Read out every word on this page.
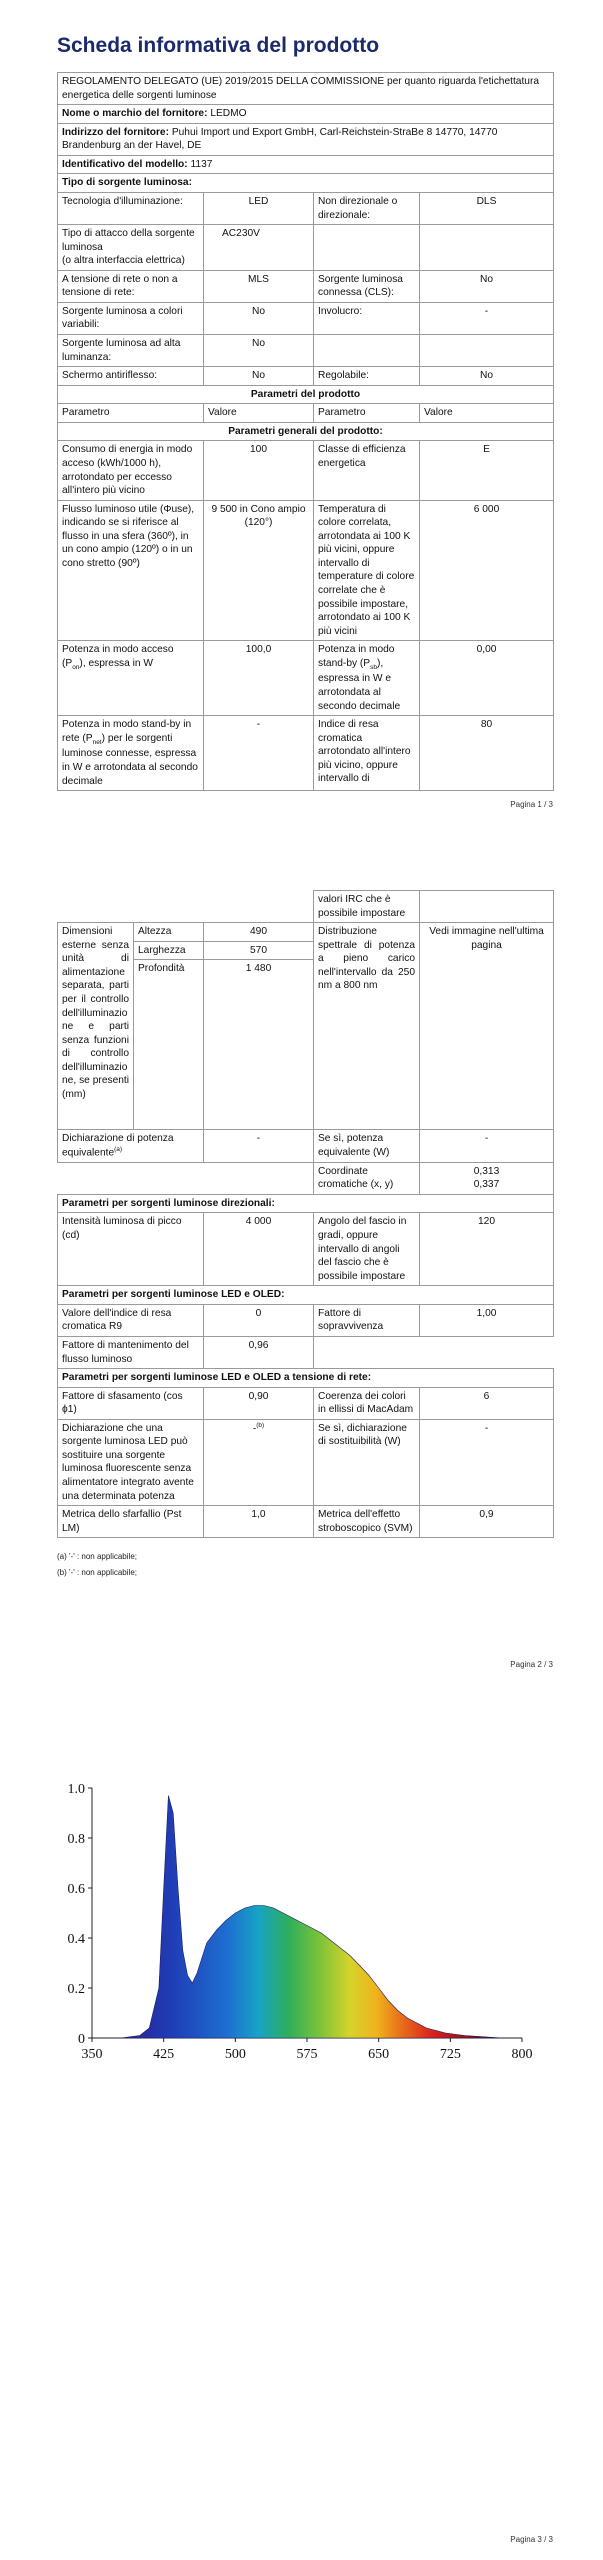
Scheda informativa del prodotto
REGOLAMENTO DELEGATO (UE) 2019/2015 DELLA COMMISSIONE per quanto riguarda l'etichettatura energetica delle sorgenti luminose			
Nome o marchio del fornitore: LEDMO			
Indirizzo del fornitore: Puhui Import und Export GmbH, Carl-Reichstein-StraBe 8 14770, 14770 Brandenburg an der Havel, DE			
Identificativo del modello: 1137			
Tipo di sorgente luminosa:			
Tecnologia d'illuminazione:	LED	Non direzionale o direzionale:	DLS
Tipo di attacco della sorgente luminosa
(o altra interfaccia elettrica)	AC230V		
A tensione di rete o non a tensione di rete:	MLS	Sorgente luminosa connessa (CLS):	No
Sorgente luminosa a colori variabili:	No	Involucro:	-
Sorgente luminosa ad alta luminanza:	No		
Schermo antiriflesso:	No	Regolabile:	No
Parametri del prodotto			
Parametro	Valore	Parametro	Valore
Parametri generali del prodotto:			
Consumo di energia in modo acceso (kWh/1000 h), arrotondato per eccesso all'intero più vicino	100	Classe di efficienza energetica	E
Flusso luminoso utile (Φuse), indicando se si riferisce al flusso in una sfera (360º), in un cono ampio (120º) o in un cono stretto (90º)	9 500 in Cono ampio (120°)	Temperatura di colore correlata, arrotondata ai 100 K più vicini, oppure intervallo di temperature di colore correlate che è possibile impostare, arrotondato ai 100 K più vicini	6 000
Potenza in modo acceso $(P_{on})$, espressa in W	100,0	Potenza in modo stand-by $(P_{sb})$, espressa in W e arrotondata al secondo decimale	0,00
Potenza in modo stand-by in rete $(P_{net})$ per le sorgenti luminose connesse, espressa in W e arrotondata al secondo decimale	-	Indice di resa cromatica arrotondato all'intero più vicino, oppure intervallo di	80
Pagina 1 / 3
			valori IRC che è possibile impostare	
Dimensioni esterne senza unità di alimentazione separata, parti per il controllo dell'illuminazione e parti senza funzioni di controllo dell'illuminazione, se presenti (mm)	Altezza	490	Distribuzione spettrale di potenza a pieno carico nell'intervallo da 250 nm a 800 nm	Vedi immagine nell'ultima pagina
	Larghezza	570		
	Profondità	1 480		
Dichiarazione di potenza equivalente$^{(a)}$		-	Se sì, potenza equivalente (W)	-
			Coordinate cromatiche (x, y)	0,313
0,337
Parametri per sorgenti luminose direzionali:				
Intensità luminosa di picco (cd)		4 000	Angolo del fascio in gradi, oppure intervallo di angoli del fascio che è possibile impostare	120
Parametri per sorgenti luminose LED e OLED:				
Valore dell'indice di resa cromatica R9		0	Fattore di sopravvivenza	1,00
Fattore di mantenimento del flusso luminoso		0,96		
Parametri per sorgenti luminose LED e OLED a tensione di rete:				
Fattore di sfasamento (cos ϕ1)		0,90	Coerenza dei colori in ellissi di MacAdam	6
Dichiarazione che una sorgente luminosa LED può sostituire una sorgente luminosa fluorescente senza alimentatore integrato avente una determinata potenza		-$^{(b)}$	Se sì, dichiarazione di sostituibilità (W)	-
Metrica dello sfarfallio (Pst LM)		1,0	Metrica dell'effetto stroboscopico (SVM)	0,9
(a) '-' : non applicabile;
(b) '-' : non applicabile;
Pagina 2 / 3
350	425	500	575	650	725	800
0
0.2
0.4
0.6
0.8
1.0
Pagina 3 / 3
